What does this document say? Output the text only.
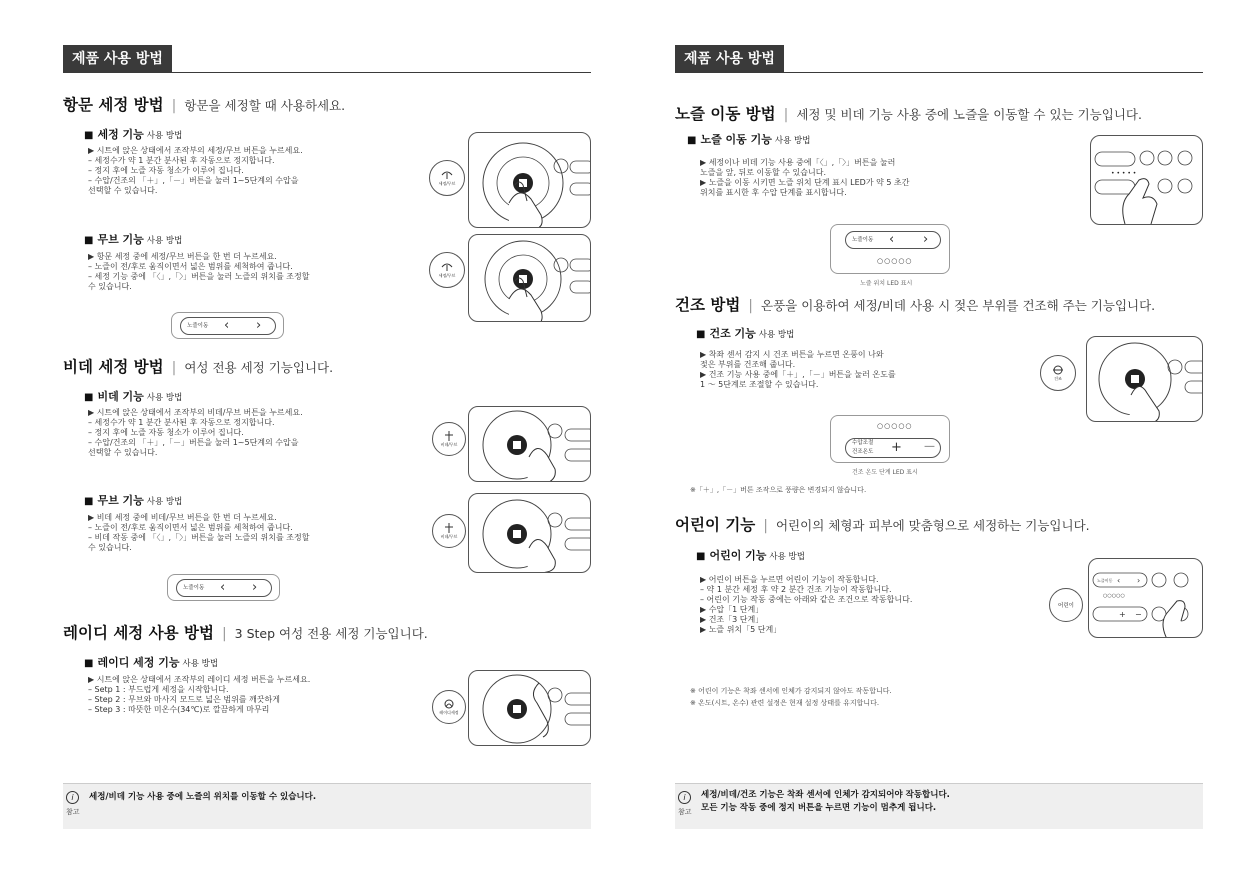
제품 사용 방법
항문 세정 방법 | 항문을 세정할 때 사용하세요.
■ 세정 기능 사용 방법
▶ 시트에 앉은 상태에서 조작부의 세정/무브 버튼을 누르세요.
– 세정수가 약 1 분간 분사된 후 자동으로 정지합니다.
– 정지 후에 노즐 자동 청소가 이루어 집니다.
– 수압/건조의 「＋」,「－」버튼을 눌러 1~5단계의 수압을
선택할 수 있습니다.
■ 무브 기능 사용 방법
▶ 항문 세정 중에 세정/무브 버튼을 한 번 더 누르세요.
– 노즐이 전/후로 움직이면서 넓은 범위를 세척하여 줍니다.
– 세정 기능 중에 「〈」,「〉」버튼을 눌러 노즐의 위치를 조정할
수 있습니다.
노즐이동	‹ ›
세정/무브
세정/무브
비데 세정 방법 | 여성 전용 세정 기능입니다.
■ 비데 기능 사용 방법
▶ 시트에 앉은 상태에서 조작부의 비데/무브 버튼을 누르세요.
– 세정수가 약 1 분간 분사된 후 자동으로 정지합니다.
– 정지 후에 노즐 자동 청소가 이루어 집니다.
– 수압/건조의 「＋」,「－」버튼을 눌러 1~5단계의 수압을
선택할 수 있습니다.
■ 무브 기능 사용 방법
▶ 비데 세정 중에 비데/무브 버튼을 한 번 더 누르세요.
– 노즐이 전/후로 움직이면서 넓은 범위를 세척하여 줍니다.
– 비데 작동 중에 「〈」,「〉」버튼을 눌러 노즐의 위치를 조정할
수 있습니다.
노즐이동	‹ ›
비데/무브
비데/무브
레이디 세정 사용 방법 | 3 Step 여성 전용 세정 기능입니다.
■ 레이디 세정 기능 사용 방법
▶ 시트에 앉은 상태에서 조작부의 레이디 세정 버튼을 누르세요.
– Setp 1 : 부드럽게 세정을 시작합니다.
– Step 2 : 무브와 마사지 모드로 넓은 범위를 깨끗하게
– Step 3 : 따뜻한 미온수(34℃)로 깔끔하게 마무리	레이디세정
i
참고
세정/비데 기능 사용 중에 노즐의 위치를 이동할 수 있습니다.
제품 사용 방법
노즐 이동 방법 | 세정 및 비데 기능 사용 중에 노즐을 이동할 수 있는 기능입니다.
■ 노즐 이동 기능 사용 방법
▶ 세정이나 비데 기능 사용 중에「〈」,「〉」버튼을 눌러
노즐을 앞, 뒤로 이동할 수 있습니다.
▶ 노즐을 이동 시키면 노즐 위치 단계 표시 LED가 약 5 초간
위치를 표시한 후 수압 단계를 표시합니다.
노즐이동	‹ ›
○○○○○
노즐 위치 LED 표시
• • • • •
건조 방법 | 온풍을 이용하여 세정/비데 사용 시 젖은 부위를 건조해 주는 기능입니다.
■ 건조 기능 사용 방법
▶ 착좌 센서 감지 시 건조 버튼을 누르면 온풍이 나와
젖은 부위를 건조해 줍니다.
▶ 건조 기능 사용 중에「＋」,「－」버튼을 눌러 온도를
1 ～ 5단계로 조절할 수 있습니다.
○○○○○
수압조절
건조온도	+ －
건조 온도 단계 LED 표시
※「＋」,「－」버튼 조작으로 풍량은 변경되지 않습니다.
건조
어린이 기능 | 어린이의 체형과 피부에 맞춤형으로 세정하는 기능입니다.
■ 어린이 기능 사용 방법
▶ 어린이 버튼을 누르면 어린이 기능이 작동합니다.
– 약 1 분간 세정 후 약 2 분간 건조 기능이 작동합니다.
– 어린이 기능 작동 중에는 아래와 같은 조건으로 작동합니다.
▶ 수압「1 단계」
▶ 건조「3 단계」
▶ 노즐 위치「5 단계」
※ 어린이 기능은 착좌 센서에 인체가 감지되지 않아도 작동합니다.
※ 온도(시트, 온수) 관련 설정은 현재 설정 상태를 유지합니다.
어린이
노즐이동 ‹ ›
○○○○○
+ −
i
참고
세정/비데/건조 기능은 착좌 센서에 인체가 감지되어야 작동합니다.
모든 기능 작동 중에 정지 버튼을 누르면 기능이 멈추게 됩니다.
